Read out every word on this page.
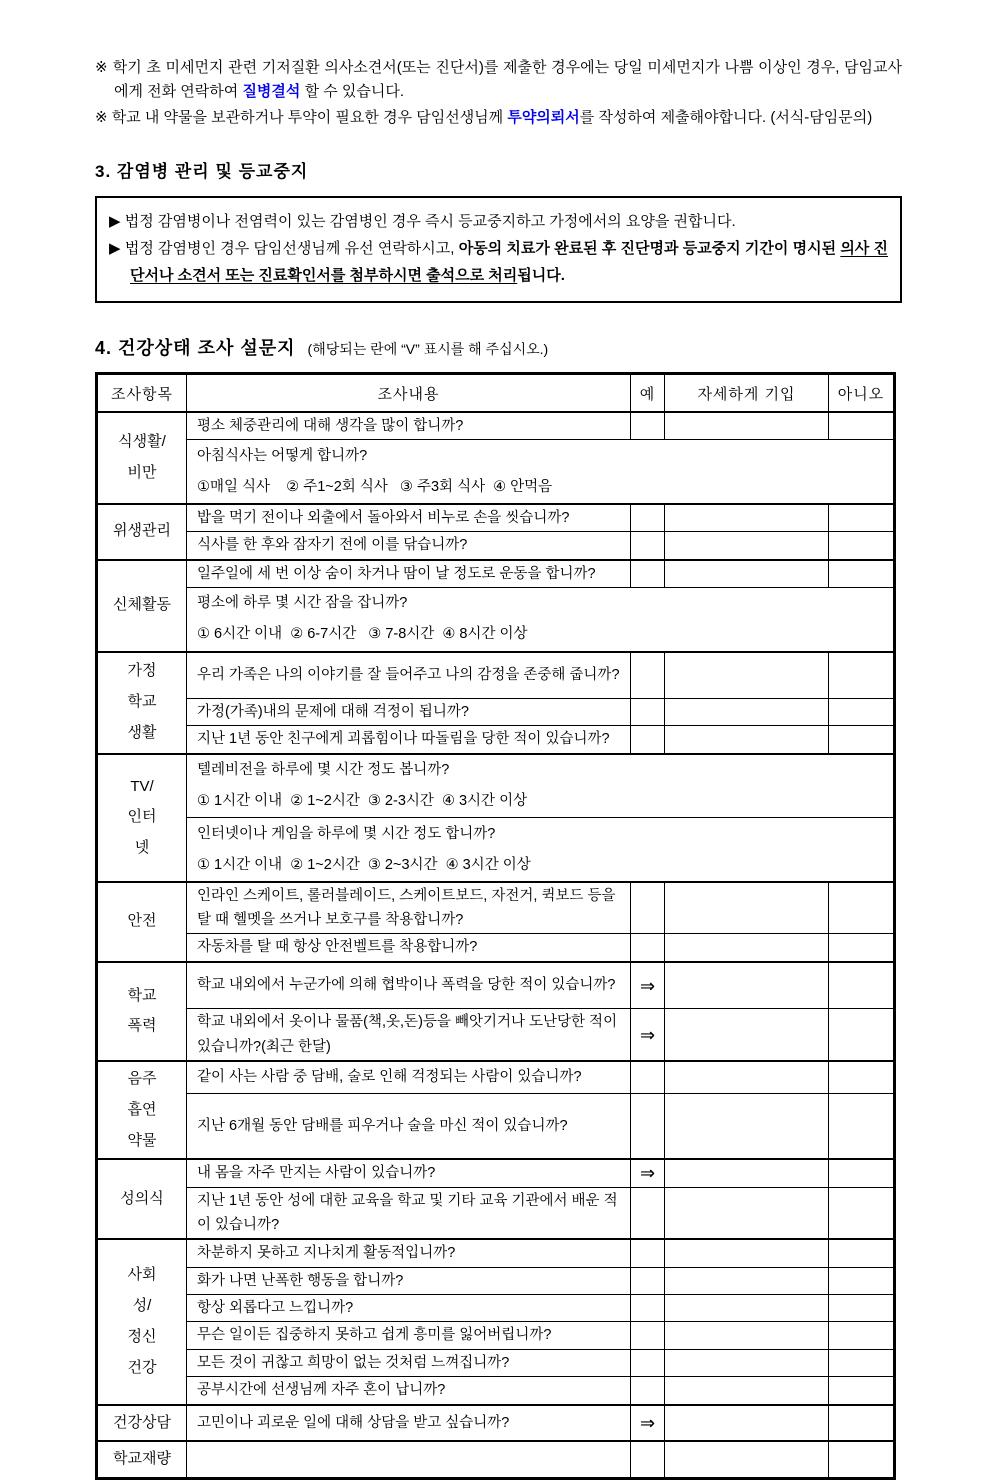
※ 학기 초 미세먼지 관련 기저질환 의사소견서(또는 진단서)를 제출한 경우에는 당일 미세먼지가 나쁨 이상인 경우, 담임교사에게 전화 연락하여 질병결석 할 수 있습니다.

※ 학교 내 약물을 보관하거나 투약이 필요한 경우 담임선생님께 투약의뢰서를 작성하여 제출해야합니다. (서식-담임문의)

3. 감염병 관리 및 등교중지

▶ 법정 감염병이나 전염력이 있는 감염병인 경우 즉시 등교중지하고 가정에서의 요양을 권합니다.

▶ 법정 감염병인 경우 담임선생님께 유선 연락하시고, 아동의 치료가 완료된 후 진단명과 등교중지 기간이 명시된 의사 진단서나 소견서 또는 진료확인서를 첨부하시면 출석으로 처리됩니다.

4. 건강상태 조사 설문지 (해당되는 란에 “V” 표시를 해 주십시오.)
조사항목	조사내용	예	자세하게 기입	아니오

식생활/
비만	평소 체중관리에 대해 생각을 많이 합니까?			

	아침식사는 어떻게 합니까?
①매일 식사    ② 주1~2회 식사   ③ 주3회 식사  ④ 안먹음			

위생관리	밥을 먹기 전이나 외출에서 돌아와서 비누로 손을 씻습니까?			
	식사를 한 후와 잠자기 전에 이를 닦습니까?			

신체활동	일주일에 세 번 이상 숨이 차거나 땀이 날 정도로 운동을 합니까?			

	평소에 하루 몇 시간 잠을 잡니까?
① 6시간 이내  ② 6-7시간   ③ 7-8시간  ④ 8시간 이상			

가정
학교
생활	우리 가족은 나의 이야기를 잘 들어주고 나의 감정을 존중해 줍니까?			
	가정(가족)내의 문제에 대해 걱정이 됩니까?			
	지난 1년 동안 친구에게 괴롭힘이나 따돌림을 당한 적이 있습니까?			

TV/
인터
넷

텔레비전을 하루에 몇 시간 정도 봅니까?
① 1시간 이내  ② 1~2시간  ③ 2-3시간  ④ 3시간 이상

	인터넷이나 게임을 하루에 몇 시간 정도 합니까?
① 1시간 이내  ② 1~2시간  ③ 2~3시간  ④ 3시간 이상			

안전	인라인 스케이트, 롤러블레이드, 스케이트보드, 자전거, 퀵보드 등을 탈 때 헬멧을 쓰거나 보호구를 착용합니까?			
	자동차를 탈 때 항상 안전벨트를 착용합니까?			

학교
폭력	학교 내외에서 누군가에 의해 협박이나 폭력을 당한 적이 있습니까?	⇒		
	학교 내외에서 옷이나 물품(책,옷,돈)등을 빼앗기거나 도난당한 적이 있습니까?(최근 한달)	⇒		

음주
흡연
약물	같이 사는 사람 중 담배, 술로 인해 걱정되는 사람이 있습니까?			
	지난 6개월 동안 담배를 피우거나 술을 마신 적이 있습니까?			

성의식	내 몸을 자주 만지는 사람이 있습니까?	⇒		
	지난 1년 동안 성에 대한 교육을 학교 및 기타 교육 기관에서 배운 적이 있습니까?			

사회
성/
정신
건강	차분하지 못하고 지나치게 활동적입니까?			
	화가 나면 난폭한 행동을 합니까?			
	항상 외롭다고 느낍니까?			
	무슨 일이든 집중하지 못하고 쉽게 흥미를 잃어버립니까?			
	모든 것이 귀찮고 희망이 없는 것처럼 느껴집니까?			
	공부시간에 선생님께 자주 혼이 납니까?			

건강상담	고민이나 괴로운 일에 대해 상담을 받고 싶습니까?	⇒		

학교재량				
